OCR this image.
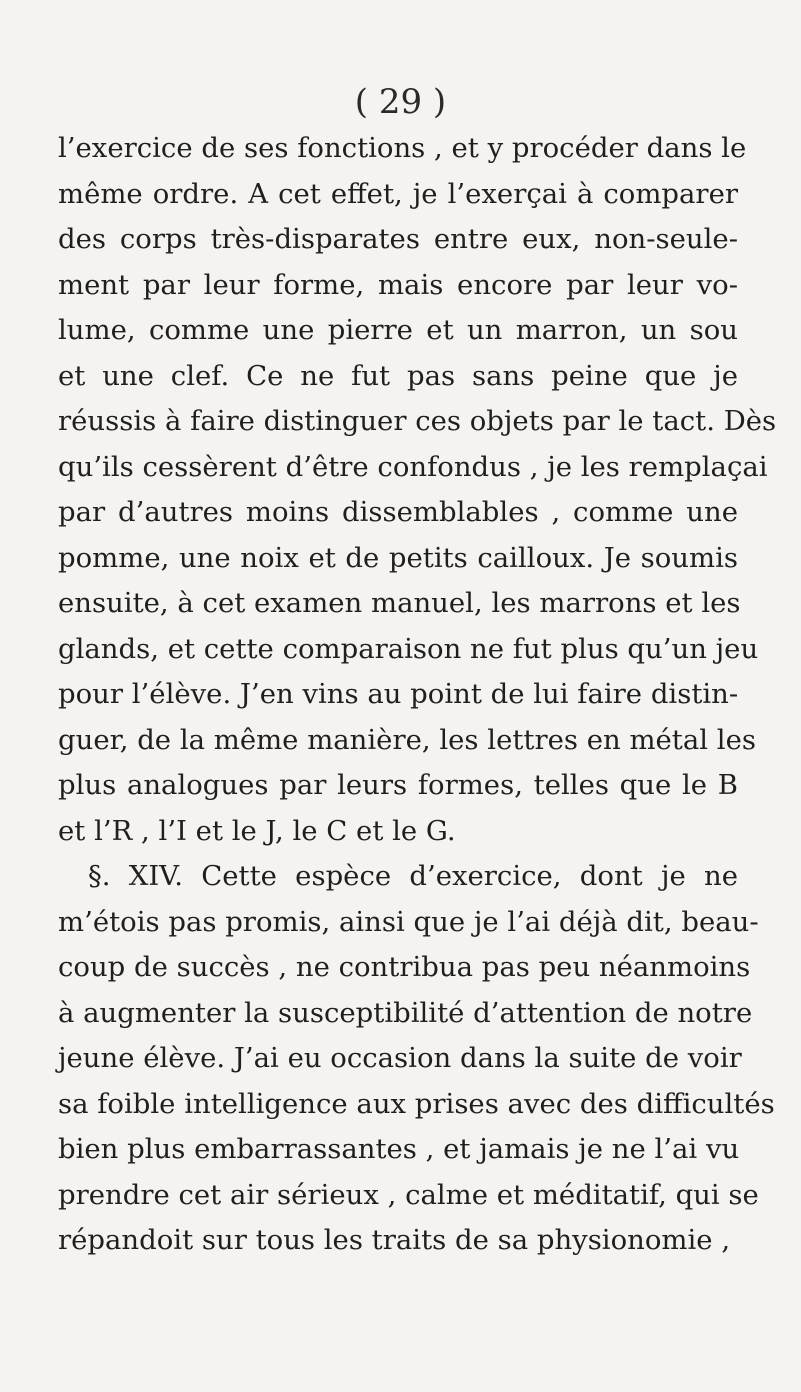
( 29 )
l’exercice de ses fonctions , et y procéder dans le
même ordre. A cet effet, je l’exerçai à comparer
des corps très-disparates entre eux, non-seule-
ment par leur forme, mais encore par leur vo-
lume, comme une pierre et un marron, un sou
et une clef. Ce ne fut pas sans peine que je
réussis à faire distinguer ces objets par le tact. Dès
qu’ils cessèrent d’être confondus , je les remplaçai
par d’autres moins dissemblables , comme une
pomme, une noix et de petits cailloux. Je soumis
ensuite, à cet examen manuel, les marrons et les
glands, et cette comparaison ne fut plus qu’un jeu
pour l’élève. J’en vins au point de lui faire distin-
guer, de la même manière, les lettres en métal les
plus analogues par leurs formes, telles que le B
et l’R , l’I et le J, le C et le G.
§. XIV. Cette espèce d’exercice, dont je ne
m’étois pas promis, ainsi que je l’ai déjà dit, beau-
coup de succès , ne contribua pas peu néanmoins
à augmenter la susceptibilité d’attention de notre
jeune élève. J’ai eu occasion dans la suite de voir
sa foible intelligence aux prises avec des difficultés
bien plus embarrassantes , et jamais je ne l’ai vu
prendre cet air sérieux , calme et méditatif, qui se
répandoit sur tous les traits de sa physionomie ,
